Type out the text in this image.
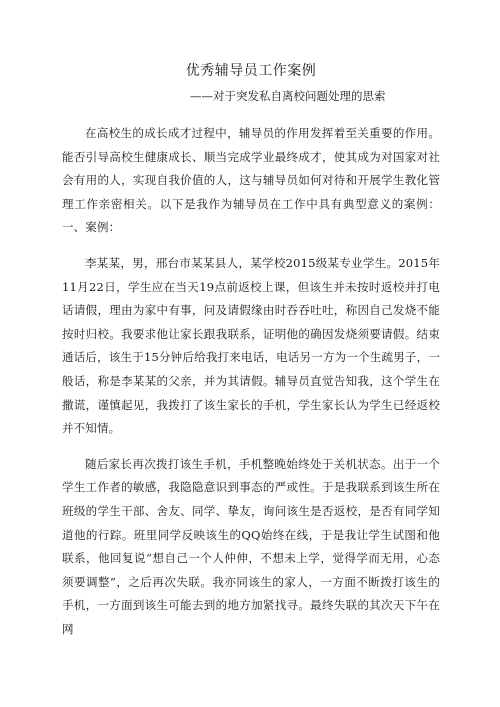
优秀辅导员工作案例
——对于突发私自离校问题处理的思索

在高校生的成长成才过程中，辅导员的作用发挥着至关重要的作用。能否引导高校生健康成长、顺当完成学业最终成才，使其成为对国家对社会有用的人，实现自我价值的人，这与辅导员如何对待和开展学生教化管理工作亲密相关。以下是我作为辅导员在工作中具有典型意义的案例：一、案例：

李某某，男，邢台市某某县人，某学校2015级某专业学生。2015年11月22日，学生应在当天19点前返校上课，但该生并未按时返校并打电话请假，理由为家中有事，问及请假缘由时吞吞吐吐，称因自己发烧不能按时归校。我要求他让家长跟我联系，证明他的确因发烧须要请假。结束通话后，该生于15分钟后给我打来电话，电话另一方为一个生疏男子，一般话，称是李某某的父亲，并为其请假。辅导员直觉告知我，这个学生在撒谎，谨慎起见，我拨打了该生家长的手机，学生家长认为学生已经返校并不知情。

随后家长再次拨打该生手机，手机整晚始终处于关机状态。出于一个学生工作者的敏感，我隐隐意识到事态的严或性。于是我联系到该生所在班级的学生干部、舍友、同学、挚友，询问该生是否返校，是否有同学知道他的行踪。班里同学反映该生的QQ始终在线，于是我让学生试图和他联系，他回复说“想自己一个人仲伸，不想未上学，觉得学而无用，心态须要调整”，之后再次失联。我亦同该生的家人，一方面不断拨打该生的手机，一方面到该生可能去到的地方加紧找寻。最终失联的其次天下午在网
